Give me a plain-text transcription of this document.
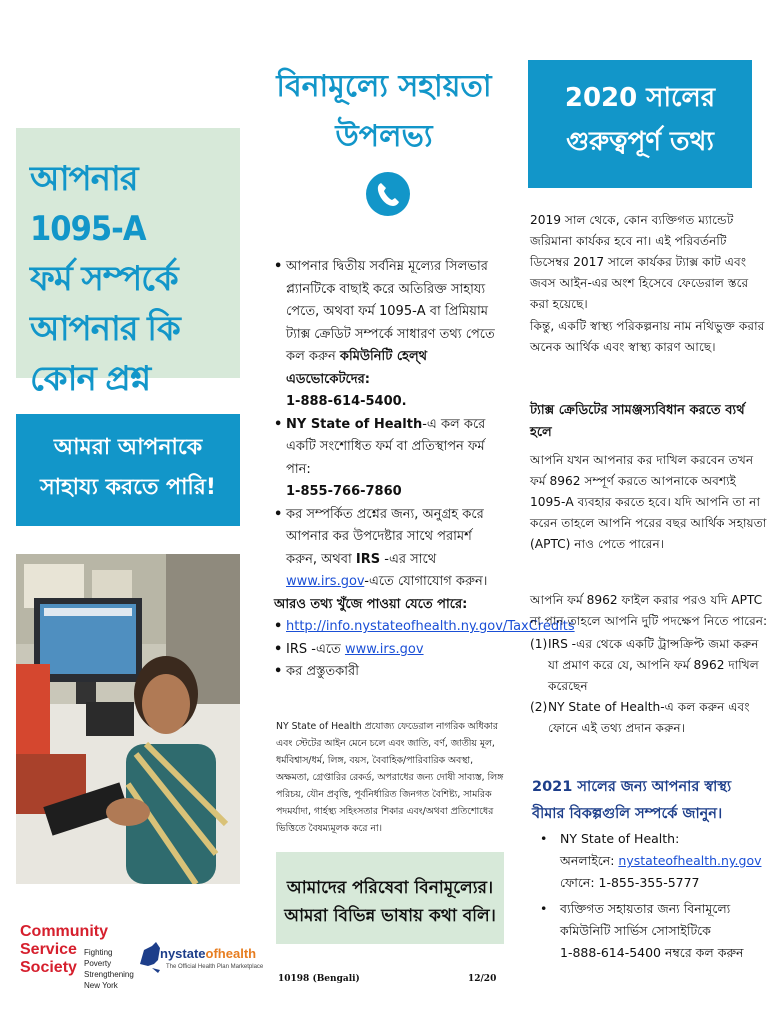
আপনার 1095-A
ফর্ম সম্পর্কে
আপনার কি
কোন প্রশ্ন
আমরা আপনাকে
সাহায্য করতে পারি!
Community
Service
Society
Fighting Poverty
Strengthening
New York
nystateofhealth
The Official Health Plan Marketplace
বিনামূল্যে সহায়তা
উপলভ্য
• আপনার দ্বিতীয় সর্বনিম্ন মূল্যের সিলভার প্ল্যানটিকে বাছাই করে অতিরিক্ত সাহায্য পেতে, অথবা ফর্ম 1095-A বা প্রিমিয়াম ট্যাক্স ক্রেডিট সম্পর্কে সাধারণ তথ্য পেতে কল করুন কমিউনিটি হেল্থ এডভোকেটদের:
1-888-614-5400.
• NY State of Health-এ কল করে একটি সংশোধিত ফর্ম বা প্রতিস্থাপন ফর্ম পান:
1-855-766-7860
• কর সম্পর্কিত প্রশ্নের জন্য, অনুগ্রহ করে আপনার কর উপদেষ্টার সাথে পরামর্শ করুন, অথবা IRS -এর সাথে www.irs.gov-এতে যোগাযোগ করুন।
আরও তথ্য খুঁজে পাওয়া যেতে পারে:
• http://info.nystateofhealth.ny.gov/TaxCredits
• IRS -এতে www.irs.gov
• কর প্রস্তুতকারী
NY State of Health প্রযোজ্য ফেডেরাল নাগরিক অধিকার এবং স্টেটের আইন মেনে চলে এবং জাতি, বর্ণ, জাতীয় মূল, ধর্মবিশ্বাস/ধর্ম, লিঙ্গ, বয়স, বৈবাহিক/পারিবারিক অবস্থা, অক্ষমতা, গ্রেপ্তারির রেকর্ড, অপরাধের জন্য দোষী সাব্যস্ত, লিঙ্গ পরিচয়, যৌন প্রবৃত্তি, পূর্বনির্ধারিত জিনগত বৈশিষ্ট্য, সামরিক পদমর্যাদা, গার্হস্থ্য সহিংসতার শিকার এবং/অথবা প্রতিশোধের ভিত্তিতে বৈষম্যমূলক করে না।
আমাদের পরিষেবা বিনামূল্যের।
আমরা বিভিন্ন ভাষায় কথা বলি।
10198 (Bengali)	12/20
2020 সালের
গুরুত্বপূর্ণ তথ্য
2019 সাল থেকে, কোন ব্যক্তিগত ম্যান্ডেট জরিমানা কার্যকর হবে না। এই পরিবর্তনটি ডিসেম্বর 2017 সালে কার্যকর ট্যাক্স কাট এবং জবস আইন-এর অংশ হিসেবে ফেডেরাল স্তরে করা হয়েছে।
কিন্তু, একটি স্বাস্থ্য পরিকল্পনায় নাম নথিভুক্ত করার অনেক আর্থিক এবং স্বাস্থ্য কারণ আছে।
ট্যাক্স ক্রেডিটের সামঞ্জস্যবিধান করতে ব্যর্থ হলে
আপনি যখন আপনার কর দাখিল করবেন তখন ফর্ম 8962 সম্পূর্ণ করতে আপনাকে অবশ্যই 1095-A ব্যবহার করতে হবে। যদি আপনি তা না করেন তাহলে আপনি পরের বছর আর্থিক সহায়তা (APTC) নাও পেতে পারেন।
আপনি ফর্ম 8962 ফাইল করার পরও যদি APTC না পান তাহলে আপনি দুটি পদক্ষেপ নিতে পারেন:
(1) IRS -এর থেকে একটি ট্রান্সক্রিপ্ট জমা করুন যা প্রমাণ করে যে, আপনি ফর্ম 8962 দাখিল করেছেন
(2) NY State of Health-এ কল করুন এবং ফোনে এই তথ্য প্রদান করুন।
2021 সালের জন্য আপনার স্বাস্থ্য
বীমার বিকল্পগুলি সম্পর্কে জানুন।
• NY State of Health:
অনলাইনে: nystateofhealth.ny.gov
ফোনে: 1-855-355-5777
• ব্যক্তিগত সহায়তার জন্য বিনামূল্যে
কমিউনিটি সার্ভিস সোসাইটিকে
1-888-614-5400 নম্বরে কল করুন
